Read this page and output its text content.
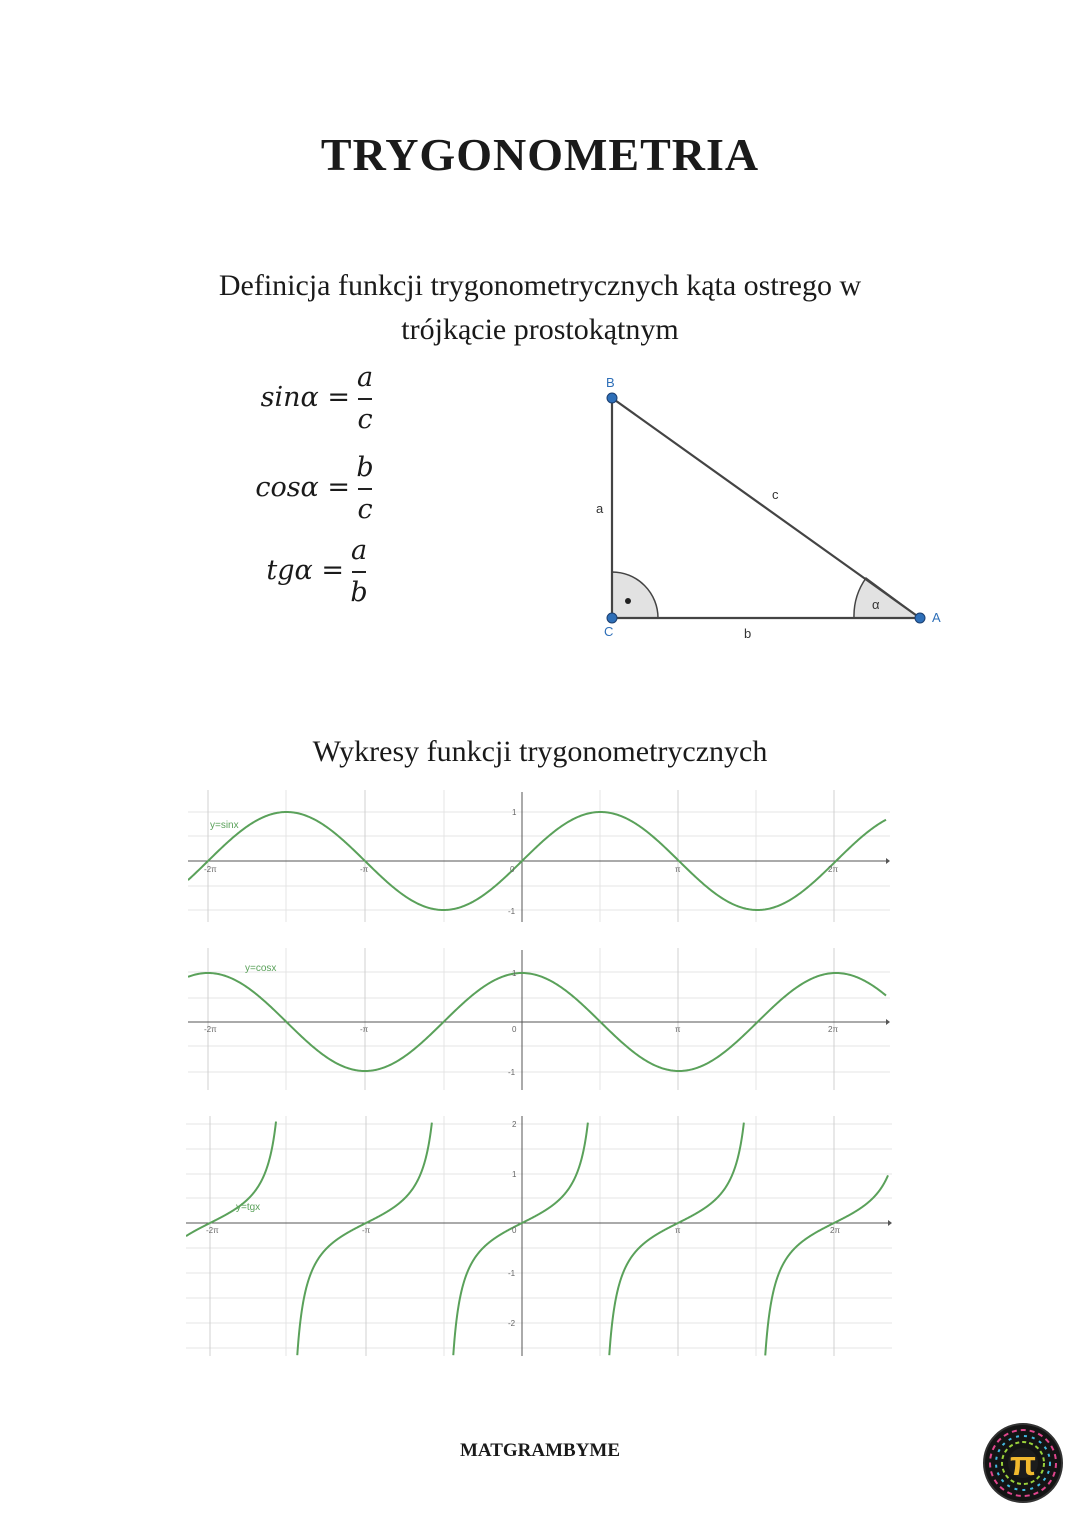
TRYGONOMETRIA
Definicja funkcji trygonometrycznych kąta ostrego w
trójkącie prostokątnym
sinα =
a
c
cosα =
b
c
tgα =
a
b
B
C
A
a
b
c
α
Wykresy funkcji trygonometrycznych
y=sinx
-2π	-π	0	π	2π
1
-1
y=cosx
-2π	-π	0	π	2π
1
-1
y=tgx
-2π	-π	0	π	2π
2
1
-1
-2
MATGRAMBYME	π
